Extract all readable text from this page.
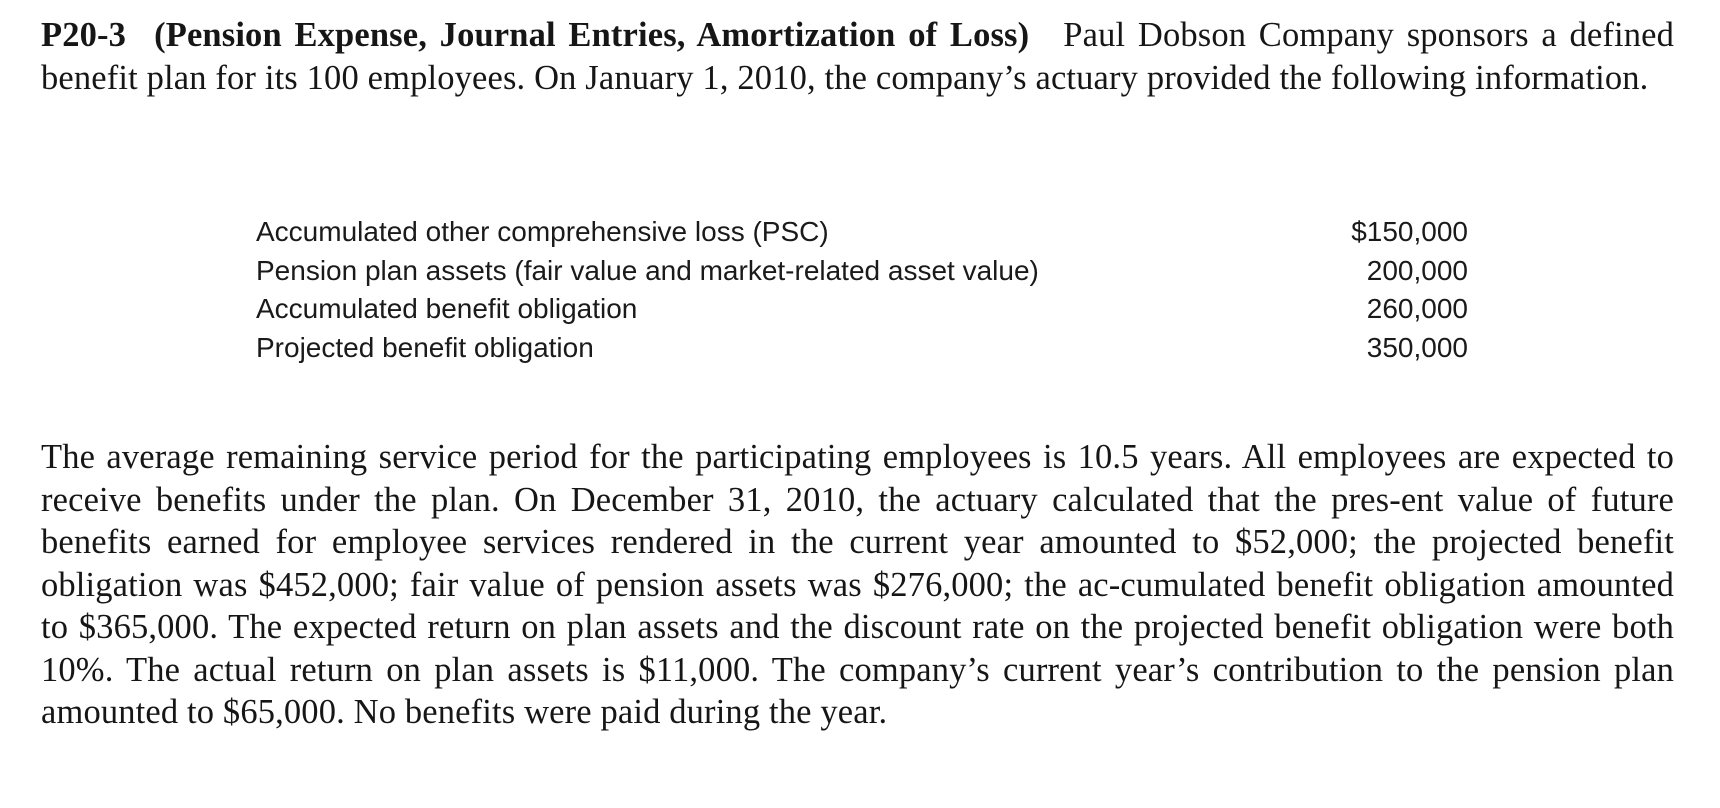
P20-3 (Pension Expense, Journal Entries, Amortization of Loss) Paul Dobson Company sponsors a defined benefit plan for its 100 employees. On January 1, 2010, the company’s actuary provided the following information.

Accumulated other comprehensive loss (PSC)	$150,000
Pension plan assets (fair value and market-related asset value)	200,000
Accumulated benefit obligation	260,000
Projected benefit obligation	350,000

The average remaining service period for the participating employees is 10.5 years. All employees are expected to receive benefits under the plan. On December 31, 2010, the actuary calculated that the pres-ent value of future benefits earned for employee services rendered in the current year amounted to $52,000; the projected benefit obligation was $452,000; fair value of pension assets was $276,000; the ac-cumulated benefit obligation amounted to $365,000. The expected return on plan assets and the discount rate on the projected benefit obligation were both 10%. The actual return on plan assets is $11,000. The company’s current year’s contribution to the pension plan amounted to $65,000. No benefits were paid during the year.
